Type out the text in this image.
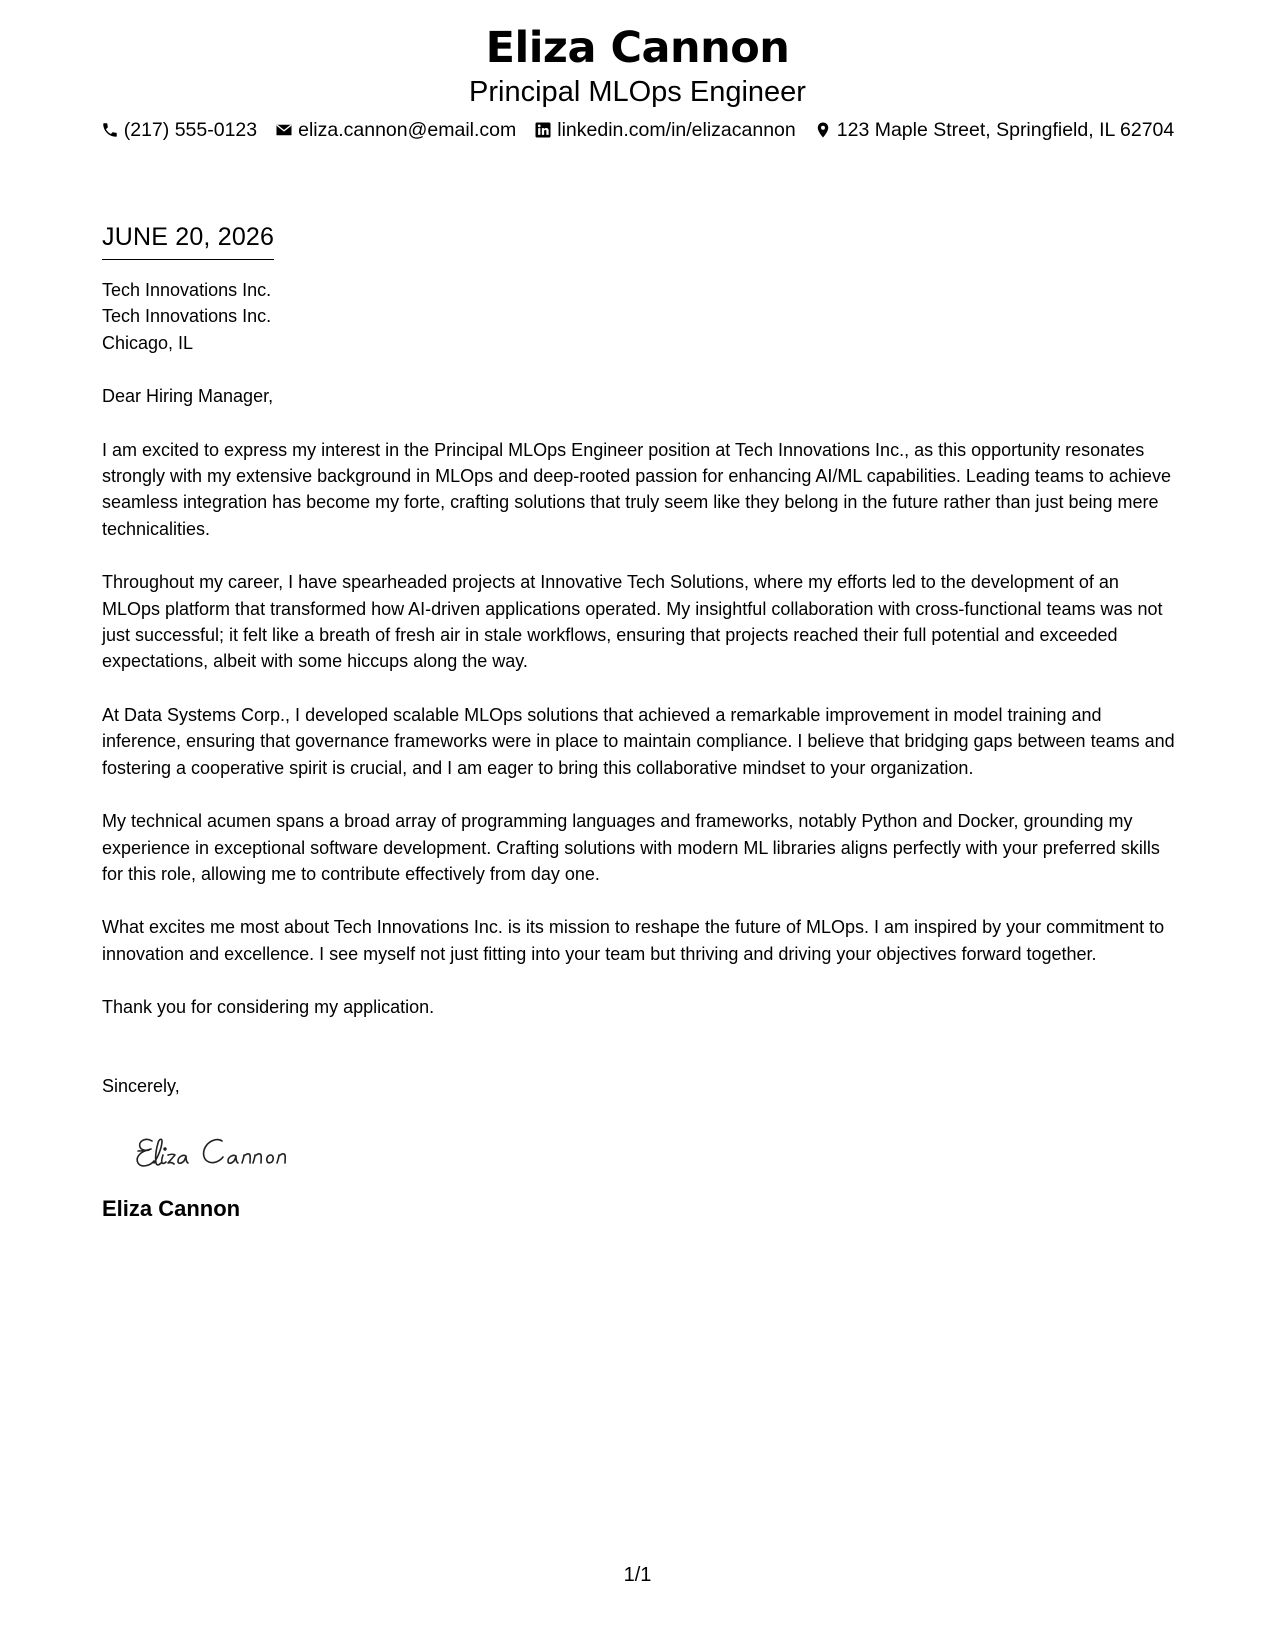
Eliza Cannon
Principal MLOps Engineer
(217) 555-0123 eliza.cannon@email.com linkedin.com/in/elizacannon 123 Maple Street, Springfield, IL 62704
JUNE 20, 2026
Tech Innovations Inc.
Tech Innovations Inc.
Chicago, IL
Dear Hiring Manager,

I am excited to express my interest in the Principal MLOps Engineer position at Tech Innovations Inc., as this opportunity resonates strongly with my extensive background in MLOps and deep-rooted passion for enhancing AI/ML capabilities. Leading teams to achieve seamless integration has become my forte, crafting solutions that truly seem like they belong in the future rather than just being mere technicalities.

Throughout my career, I have spearheaded projects at Innovative Tech Solutions, where my efforts led to the development of an MLOps platform that transformed how AI-driven applications operated. My insightful collaboration with cross-functional teams was not just successful; it felt like a breath of fresh air in stale workflows, ensuring that projects reached their full potential and exceeded expectations, albeit with some hiccups along the way.

At Data Systems Corp., I developed scalable MLOps solutions that achieved a remarkable improvement in model training and inference, ensuring that governance frameworks were in place to maintain compliance. I believe that bridging gaps between teams and fostering a cooperative spirit is crucial, and I am eager to bring this collaborative mindset to your organization.

My technical acumen spans a broad array of programming languages and frameworks, notably Python and Docker, grounding my experience in exceptional software development. Crafting solutions with modern ML libraries aligns perfectly with your preferred skills for this role, allowing me to contribute effectively from day one.

What excites me most about Tech Innovations Inc. is its mission to reshape the future of MLOps. I am inspired by your commitment to innovation and excellence. I see myself not just fitting into your team but thriving and driving your objectives forward together.

Thank you for considering my application.

Sincerely,
Eliza Cannon
1/1
